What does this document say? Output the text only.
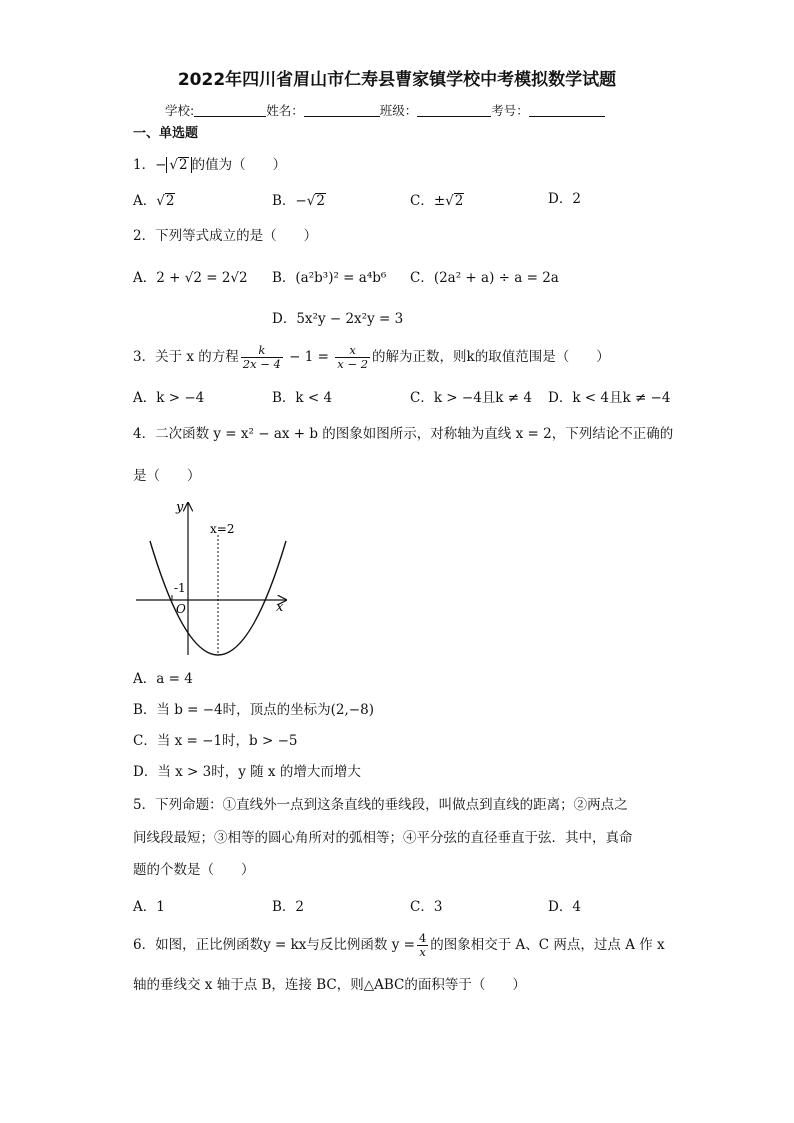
2022年四川省眉山市仁寿县曹家镇学校中考模拟数学试题
学校:	姓名：	班级：	考号：
一、单选题
1．− √2 的值为（　　）
A．√2	B．−√2	C．±√2	D．2
2．下列等式成立的是（　　）
A．2 + √2 = 2√2 B．(a²b³)² = a⁴b⁶ C．(2a² + a) ÷ a = 2a
D．5x²y − 2x²y = 3
3．关于 x 的方程 $\frac{k}{2x - 4} - 1 = \frac{x}{x - 2}$ 的解为正数，则k的取值范围是（　　）
A．k > −4	B．k < 4	C．k > −4且k ≠ 4 D．k < 4且k ≠ −4
4．二次函数 y = x² − ax + b 的图象如图所示，对称轴为直线 x = 2，下列结论不正确的
是（　　）
y
x
O
-1
x=2
A．a = 4
B．当 b = −4时，顶点的坐标为(2,−8)
C．当 x = −1时，b > −5
D．当 x > 3时，y 随 x 的增大而增大
5．下列命题：①直线外一点到这条直线的垂线段，叫做点到直线的距离；②两点之
间线段最短；③相等的圆心角所对的弧相等；④平分弦的直径垂直于弦．其中，真命
题的个数是（　　）
A．1	B．2	C．3	D．4
6．如图，正比例函数y = kx与反比例函数 $y = \frac{4}{x}$ 的图象相交于 A、C 两点，过点 A 作 x
轴的垂线交 x 轴于点 B，连接 BC，则△ABC的面积等于（　　）
